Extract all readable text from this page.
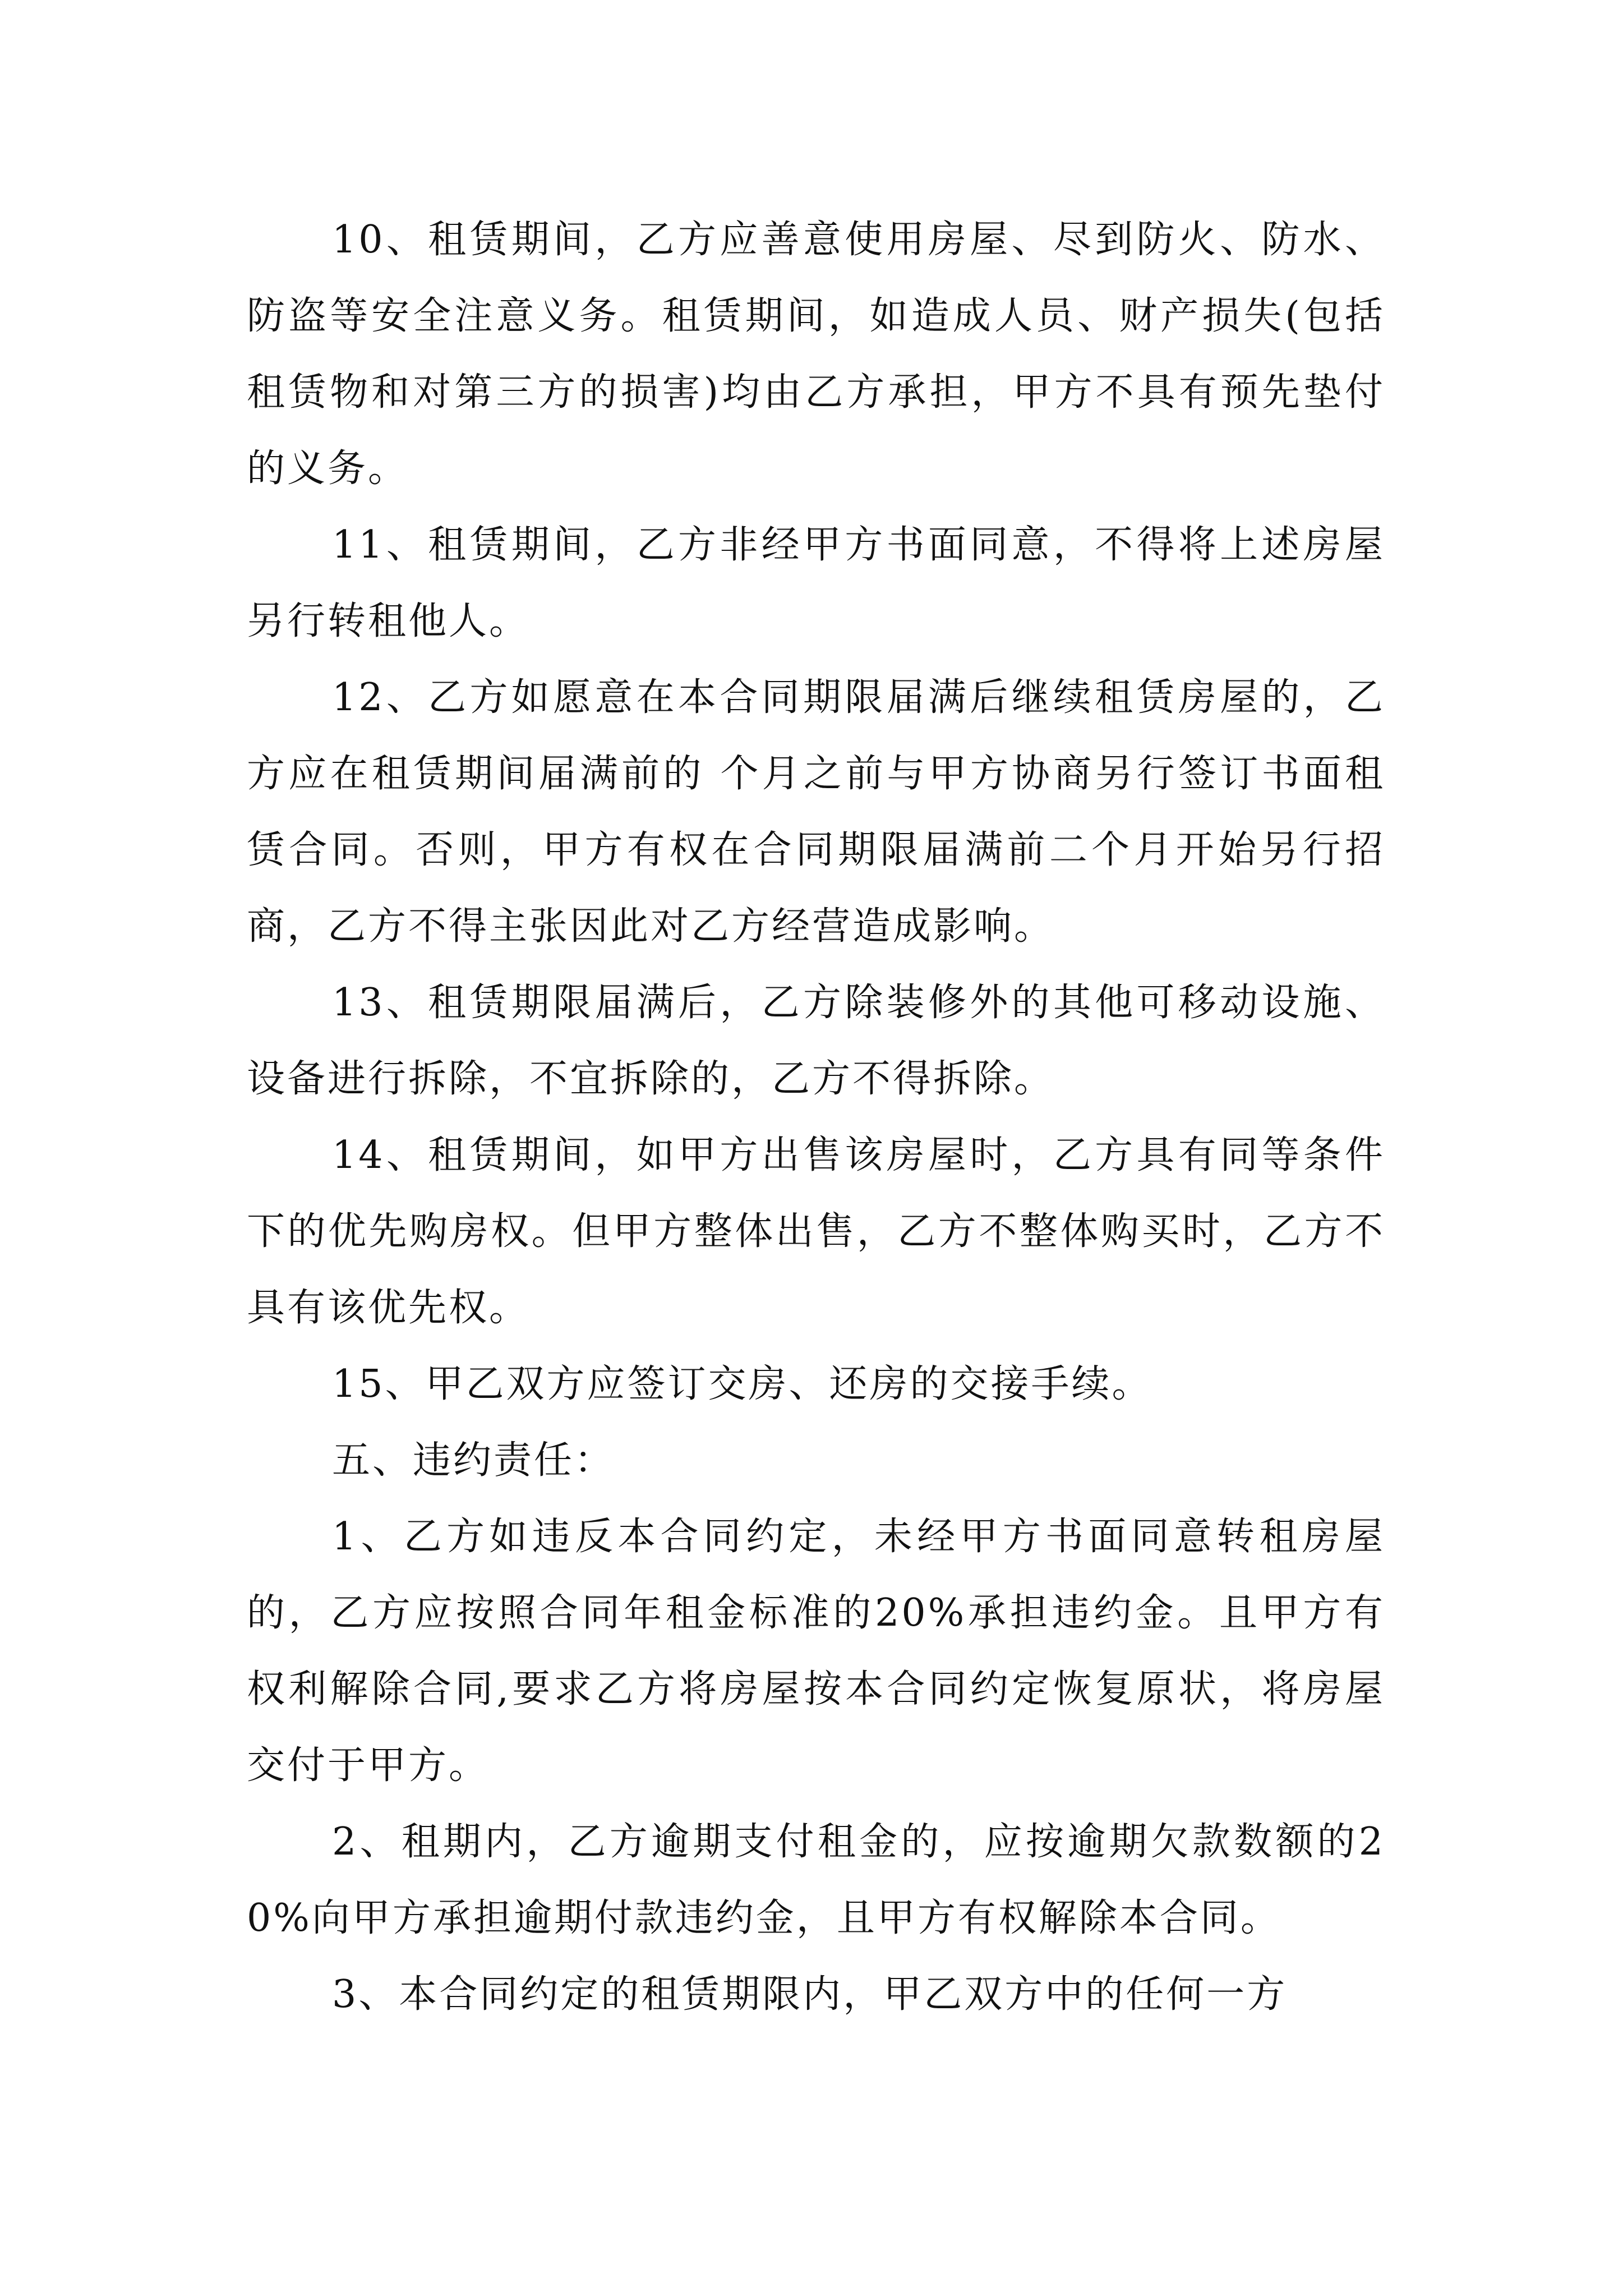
10、租赁期间，乙方应善意使用房屋、尽到防火、防水、防盗等安全注意义务。租赁期间，如造成人员、财产损失(包括租赁物和对第三方的损害)均由乙方承担，甲方不具有预先垫付的义务。

11、租赁期间，乙方非经甲方书面同意，不得将上述房屋另行转租他人。

12、乙方如愿意在本合同期限届满后继续租赁房屋的，乙方应在租赁期间届满前的 个月之前与甲方协商另行签订书面租赁合同。否则，甲方有权在合同期限届满前二个月开始另行招商，乙方不得主张因此对乙方经营造成影响。

13、租赁期限届满后，乙方除装修外的其他可移动设施、设备进行拆除，不宜拆除的，乙方不得拆除。

14、租赁期间，如甲方出售该房屋时，乙方具有同等条件下的优先购房权。但甲方整体出售，乙方不整体购买时，乙方不具有该优先权。

15、甲乙双方应签订交房、还房的交接手续。

五、违约责任：

1、乙方如违反本合同约定，未经甲方书面同意转租房屋的，乙方应按照合同年租金标准的20%承担违约金。且甲方有权利解除合同,要求乙方将房屋按本合同约定恢复原状，将房屋交付于甲方。

2、租期内，乙方逾期支付租金的，应按逾期欠款数额的20%向甲方承担逾期付款违约金，且甲方有权解除本合同。

3、本合同约定的租赁期限内，甲乙双方中的任何一方
